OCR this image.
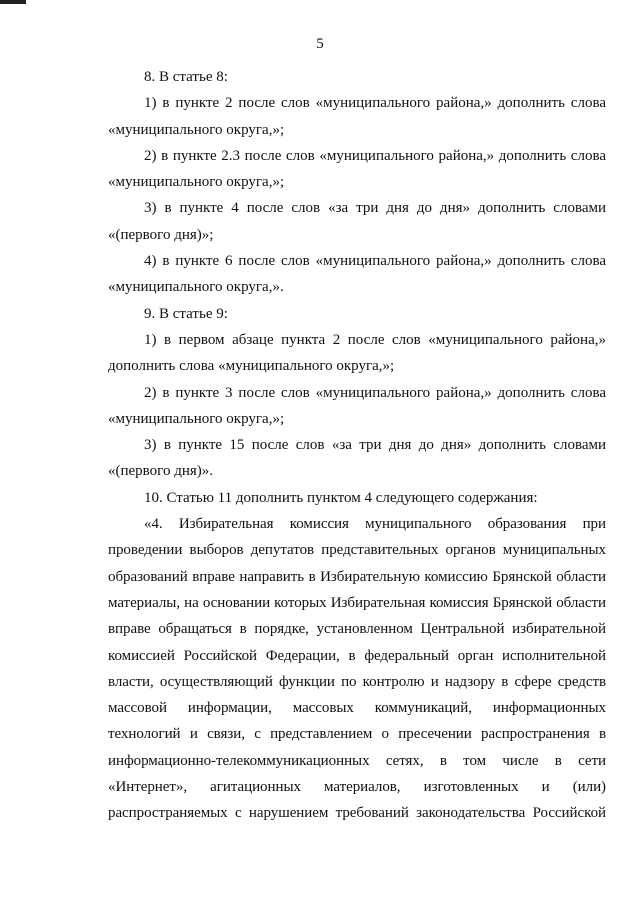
5

8. В статье 8:

1) в пункте 2 после слов «муниципального района,» дополнить слова «муниципального округа,»;

2) в пункте 2.3 после слов «муниципального района,» дополнить слова «муниципального округа,»;

3) в пункте 4 после слов «за три дня до дня» дополнить словами «(первого дня)»;

4) в пункте 6 после слов «муниципального района,» дополнить слова «муниципального округа,».

9. В статье 9:

1) в первом абзаце пункта 2 после слов «муниципального района,» дополнить слова «муниципального округа,»;

2) в пункте 3 после слов «муниципального района,» дополнить слова «муниципального округа,»;

3) в пункте 15 после слов «за три дня до дня» дополнить словами «(первого дня)».

10. Статью 11 дополнить пунктом 4 следующего содержания:

«4. Избирательная комиссия муниципального образования при проведении выборов депутатов представительных органов муниципальных образований вправе направить в Избирательную комиссию Брянской области материалы, на основании которых Избирательная комиссия Брянской области вправе обращаться в порядке, установленном Центральной избирательной комиссией Российской Федерации, в федеральный орган исполнительной власти, осуществляющий функции по контролю и надзору в сфере средств массовой информации, массовых коммуникаций, информационных технологий и связи, с представлением о пресечении распространения в информационно-телекоммуникационных сетях, в том числе в сети «Интернет», агитационных материалов, изготовленных и (или) распространяемых с нарушением требований законодательства Российской
